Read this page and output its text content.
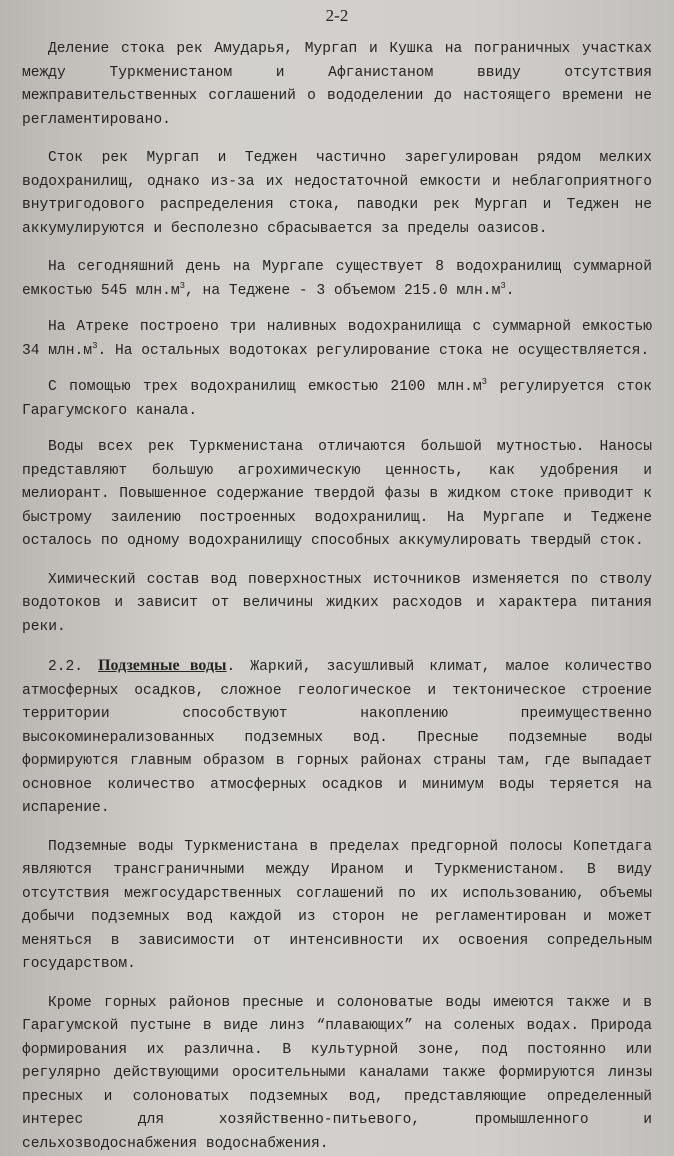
2-2

Деление стока рек Амударья, Мургап и Кушка на пограничных участках между Туркменистаном и Афганистаном ввиду отсутствия межправительственных соглашений о вододелении до настоящего времени не регламентировано.

Сток рек Мургап и Теджен частично зарегулирован рядом мелких водохранилищ, однако из-за их недостаточной емкости и неблагоприятного внутригодового распределения стока, паводки рек Мургап и Теджен не аккумулируются и бесполезно сбрасывается за пределы оазисов.

На сегодняшний день на Мургапе существует 8 водохранилищ суммарной емкостью 545 $млн.м^3$, на Теджене - 3 объемом 215.0 $млн.м^3$.

На Атреке построено три наливных водохранилища с суммарной емкостью 34 $млн.м^3$. На остальных водотоках регулирование стока не осуществляется.

С помощью трех водохранилищ емкостью 2100 $млн.м^3$ регулируется сток Гарагумского канала.

Воды всех рек Туркменистана отличаются большой мутностью. Наносы представляют большую агрохимическую ценность, как удобрения и мелиорант. Повышенное содержание твердой фазы в жидком стоке приводит к быстрому заилению построенных водохранилищ. На Мургапе и Теджене осталось по одному водохранилищу способных аккумулировать твердый сток.

Химический состав вод поверхностных источников изменяется по стволу водотоков и зависит от величины жидких расходов и характера питания реки.

2.2. Подземные воды. Жаркий, засушливый климат, малое количество атмосферных осадков, сложное геологическое и тектоническое строение территории способствуют накоплению преимущественно высокоминерализованных подземных вод. Пресные подземные воды формируются главным образом в горных районах страны там, где выпадает основное количество атмосферных осадков и минимум воды теряется на испарение.

Подземные воды Туркменистана в пределах предгорной полосы Копетдага являются трансграничными между Ираном и Туркменистаном. В виду отсутствия межгосударственных соглашений по их использованию, объемы добычи подземных вод каждой из сторон не регламентирован и может меняться в зависимости от интенсивности их освоения сопредельным государством.

Кроме горных районов пресные и солоноватые воды имеются также и в Гарагумской пустыне в виде линз “плавающих” на соленых водах. Природа формирования их различна. В культурной зоне, под постоянно или регулярно действующими оросительными каналами также формируются линзы пресных и солоноватых подземных вод, представляющие определенный интерес для хозяйственно-питьевого, промышленного и сельхозводоснабжения водоснабжения.
